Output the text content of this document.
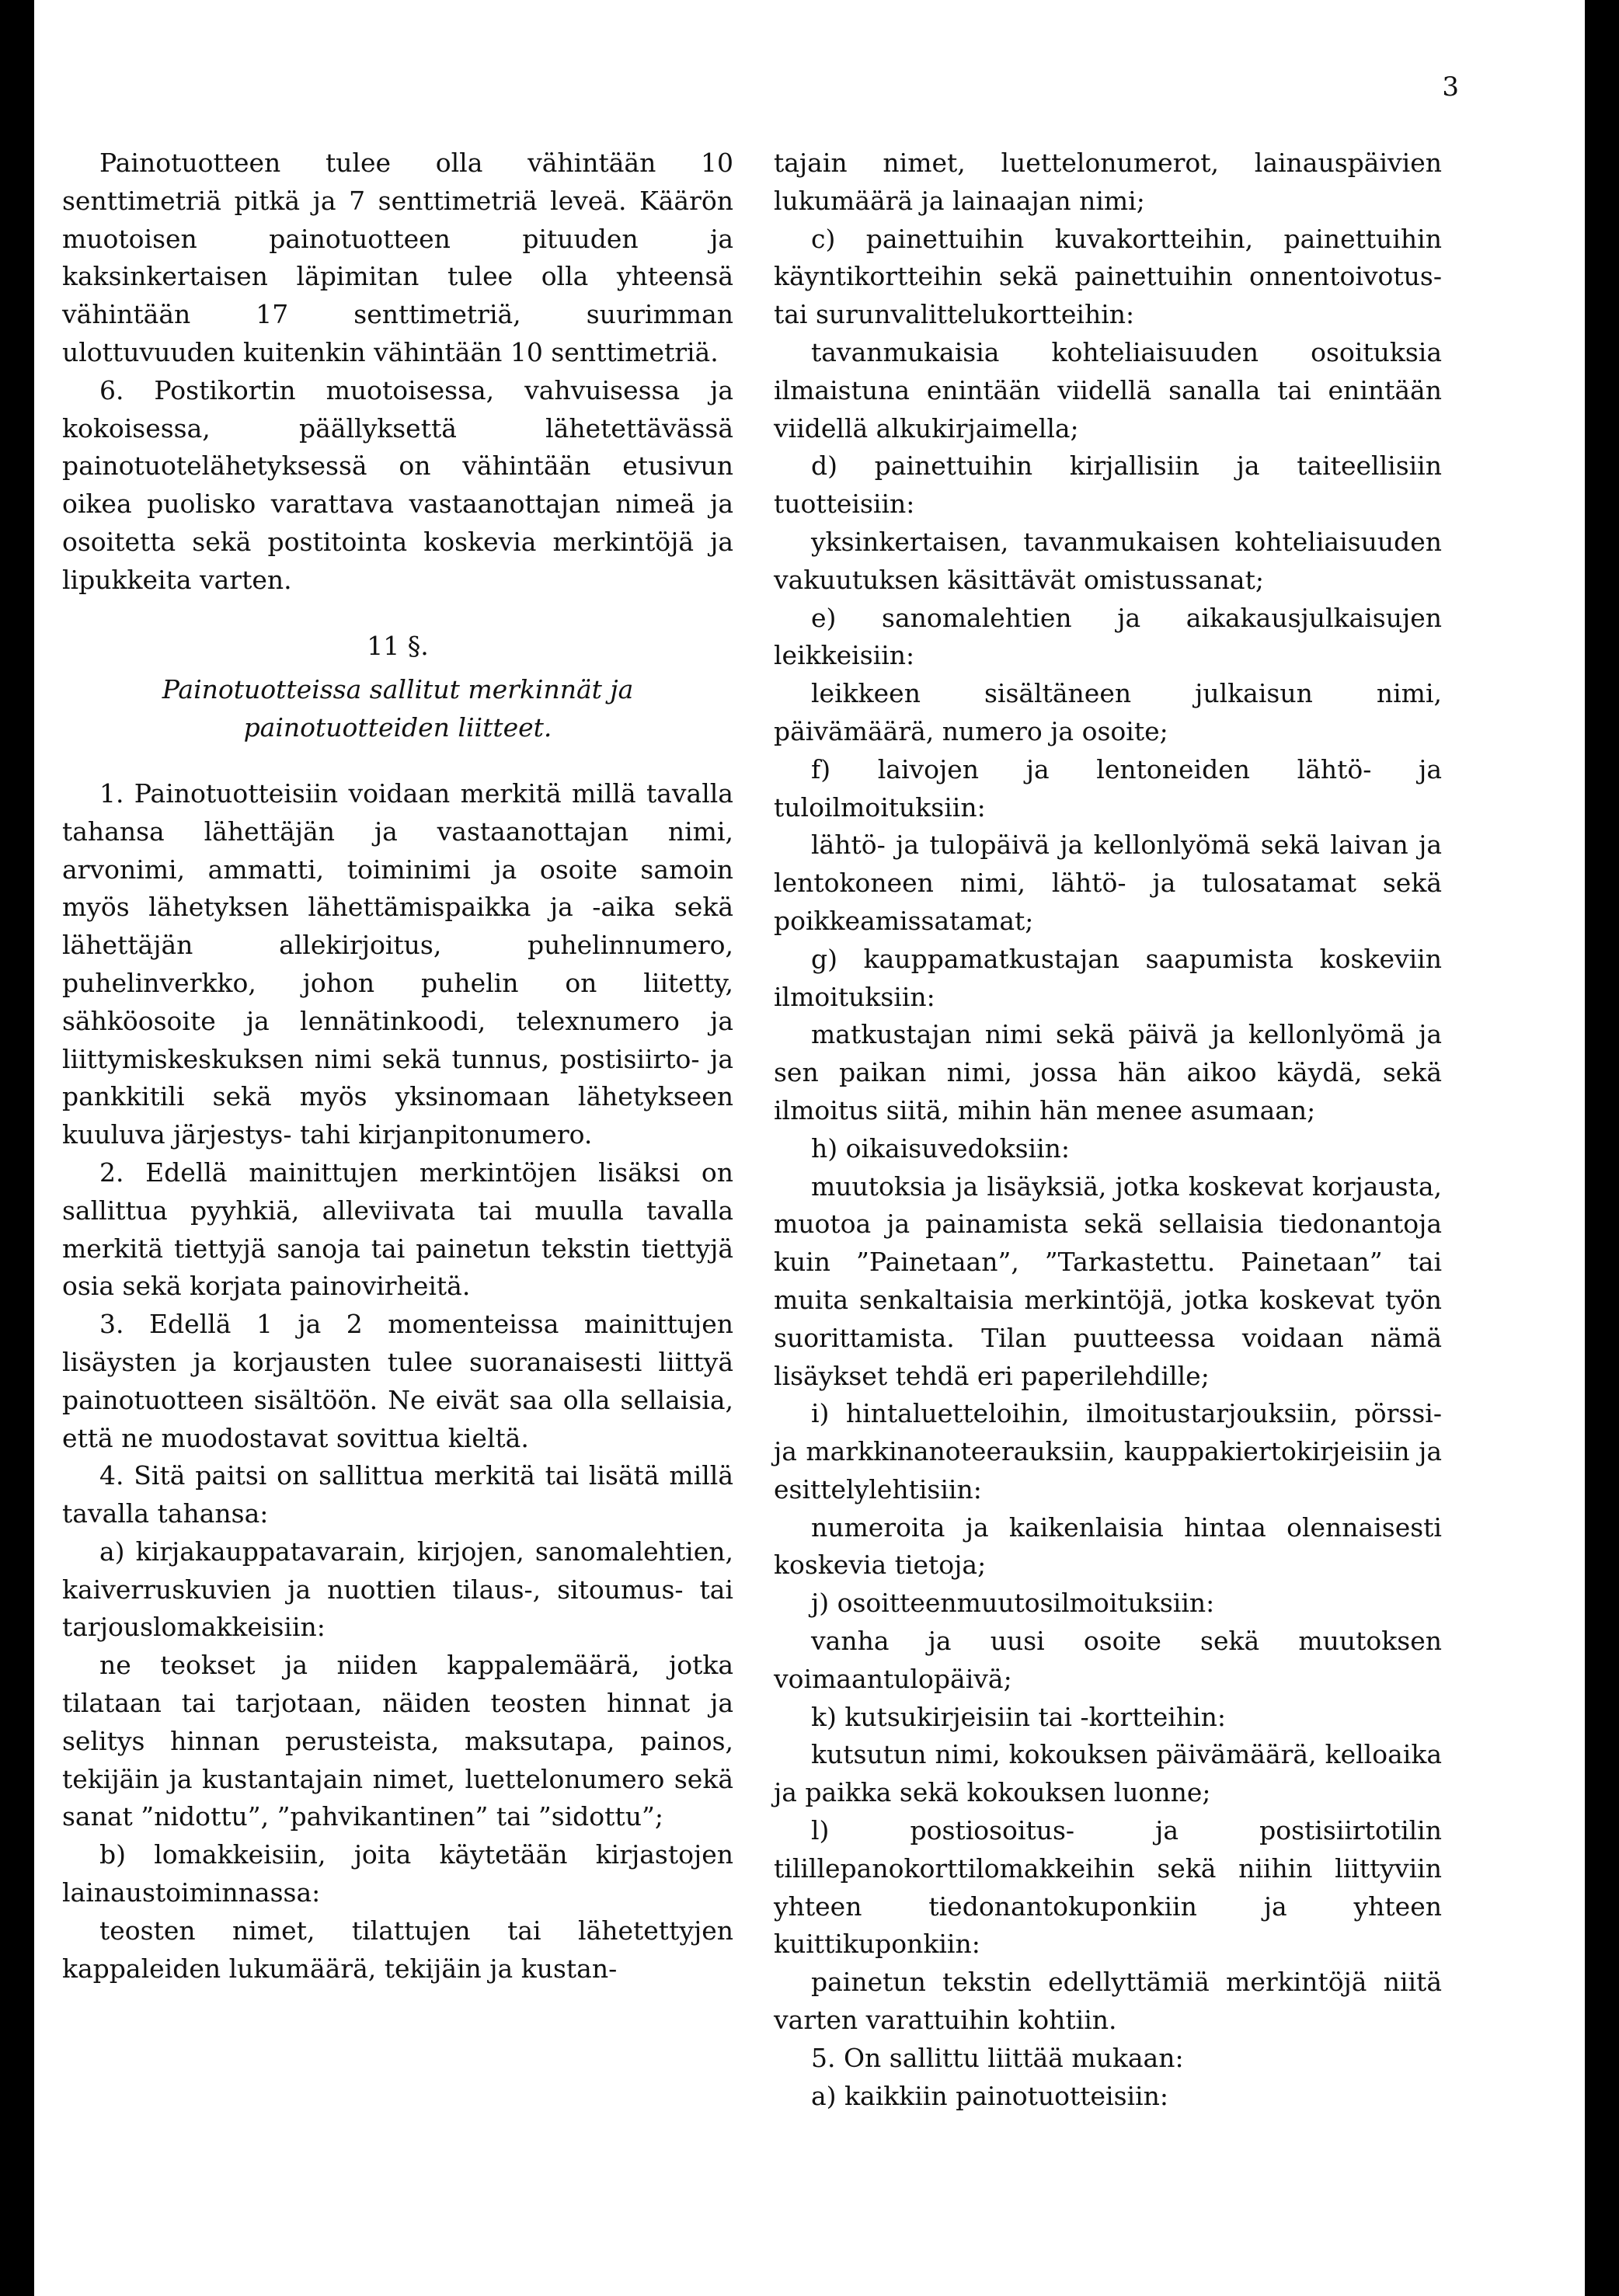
3

Painotuotteen tulee olla vähintään 10 senttimetriä pitkä ja 7 senttimetriä leveä. Käärön muotoisen painotuotteen pituuden ja kaksinkertaisen läpimitan tulee olla yhteensä vähintään 17 senttimetriä, suurimman ulottuvuuden kuitenkin vähintään 10 senttimetriä.

6. Postikortin muotoisessa, vahvuisessa ja kokoisessa, päällyksettä lähetettävässä painotuotelähetyksessä on vähintään etusivun oikea puolisko varattava vastaanottajan nimeä ja osoitetta sekä postitointa koskevia merkintöjä ja lipukkeita varten.

11 §.
Painotuotteissa sallitut merkinnät ja painotuotteiden liitteet.

1. Painotuotteisiin voidaan merkitä millä tavalla tahansa lähettäjän ja vastaanottajan nimi, arvonimi, ammatti, toiminimi ja osoite samoin myös lähetyksen lähettämispaikka ja -aika sekä lähettäjän allekirjoitus, puhelinnumero, puhelinverkko, johon puhelin on liitetty, sähköosoite ja lennätinkoodi, telexnumero ja liittymiskeskuksen nimi sekä tunnus, postisiirto- ja pankkitili sekä myös yksinomaan lähetykseen kuuluva järjestys- tahi kirjanpitonumero.

2. Edellä mainittujen merkintöjen lisäksi on sallittua pyyhkiä, alleviivata tai muulla tavalla merkitä tiettyjä sanoja tai painetun tekstin tiettyjä osia sekä korjata painovirheitä.

3. Edellä 1 ja 2 momenteissa mainittujen lisäysten ja korjausten tulee suoranaisesti liittyä painotuotteen sisältöön. Ne eivät saa olla sellaisia, että ne muodostavat sovittua kieltä.

4. Sitä paitsi on sallittua merkitä tai lisätä millä tavalla tahansa:

a) kirjakauppatavarain, kirjojen, sanomalehtien, kaiverruskuvien ja nuottien tilaus-, sitoumus- tai tarjouslomakkeisiin:

ne teokset ja niiden kappalemäärä, jotka tilataan tai tarjotaan, näiden teosten hinnat ja selitys hinnan perusteista, maksutapa, painos, tekijäin ja kustantajain nimet, luettelonumero sekä sanat ”nidottu”, ”pahvikantinen” tai ”sidottu”;

b) lomakkeisiin, joita käytetään kirjastojen lainaustoiminnassa:

teosten nimet, tilattujen tai lähetettyjen kappaleiden lukumäärä, tekijäin ja kustan-

tajain nimet, luettelonumerot, lainauspäivien lukumäärä ja lainaajan nimi;

c) painettuihin kuvakortteihin, painettuihin käyntikortteihin sekä painettuihin onnentoivotus- tai surunvalittelukortteihin:

tavanmukaisia kohteliaisuuden osoituksia ilmaistuna enintään viidellä sanalla tai enintään viidellä alkukirjaimella;

d) painettuihin kirjallisiin ja taiteellisiin tuotteisiin:

yksinkertaisen, tavanmukaisen kohteliaisuuden vakuutuksen käsittävät omistussanat;

e) sanomalehtien ja aikakausjulkaisujen leikkeisiin:

leikkeen sisältäneen julkaisun nimi, päivämäärä, numero ja osoite;

f) laivojen ja lentoneiden lähtö- ja tuloilmoituksiin:

lähtö- ja tulopäivä ja kellonlyömä sekä laivan ja lentokoneen nimi, lähtö- ja tulosatamat sekä poikkeamissatamat;

g) kauppamatkustajan saapumista koskeviin ilmoituksiin:

matkustajan nimi sekä päivä ja kellonlyömä ja sen paikan nimi, jossa hän aikoo käydä, sekä ilmoitus siitä, mihin hän menee asumaan;

h) oikaisuvedoksiin:

muutoksia ja lisäyksiä, jotka koskevat korjausta, muotoa ja painamista sekä sellaisia tiedonantoja kuin ”Painetaan”, ”Tarkastettu. Painetaan” tai muita senkaltaisia merkintöjä, jotka koskevat työn suorittamista. Tilan puutteessa voidaan nämä lisäykset tehdä eri paperilehdille;

i) hintaluetteloihin, ilmoitustarjouksiin, pörssi- ja markkinanoteerauksiin, kauppakiertokirjeisiin ja esittelylehtisiin:

numeroita ja kaikenlaisia hintaa olennaisesti koskevia tietoja;

j) osoitteenmuutosilmoituksiin:

vanha ja uusi osoite sekä muutoksen voimaantulopäivä;

k) kutsukirjeisiin tai -kortteihin:

kutsutun nimi, kokouksen päivämäärä, kelloaika ja paikka sekä kokouksen luonne;

l) postiosoitus- ja postisiirtotilin tilillepanokorttilomakkeihin sekä niihin liittyviin yhteen tiedonantokuponkiin ja yhteen kuittikuponkiin:

painetun tekstin edellyttämiä merkintöjä niitä varten varattuihin kohtiin.

5. On sallittu liittää mukaan:

a) kaikkiin painotuotteisiin:
